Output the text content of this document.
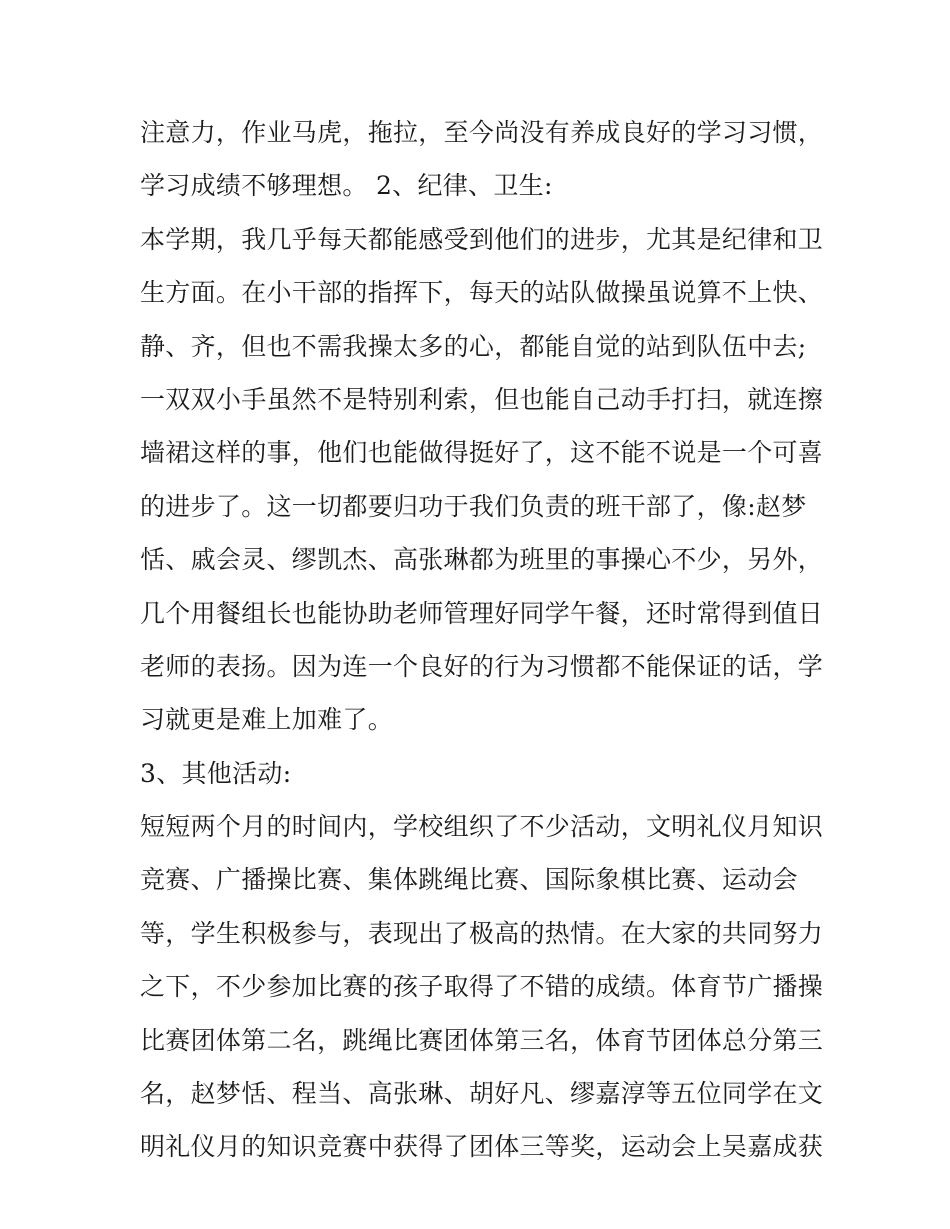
注意力，作业马虎，拖拉，至今尚没有养成良好的学习习惯，
学习成绩不够理想。 2、纪律、卫生:
本学期，我几乎每天都能感受到他们的进步，尤其是纪律和卫
生方面。在小干部的指挥下，每天的站队做操虽说算不上快、
静、齐，但也不需我操太多的心，都能自觉的站到队伍中去;
一双双小手虽然不是特别利索，但也能自己动手打扫，就连擦
墙裙这样的事，他们也能做得挺好了，这不能不说是一个可喜
的进步了。这一切都要归功于我们负责的班干部了，像:赵梦
恬、戚会灵、缪凯杰、高张琳都为班里的事操心不少，另外，
几个用餐组长也能协助老师管理好同学午餐，还时常得到值日
老师的表扬。因为连一个良好的行为习惯都不能保证的话，学
习就更是难上加难了。
3、其他活动:
短短两个月的时间内，学校组织了不少活动，文明礼仪月知识
竞赛、广播操比赛、集体跳绳比赛、国际象棋比赛、运动会
等，学生积极参与，表现出了极高的热情。在大家的共同努力
之下，不少参加比赛的孩子取得了不错的成绩。体育节广播操
比赛团体第二名，跳绳比赛团体第三名，体育节团体总分第三
名，赵梦恬、程当、高张琳、胡好凡、缪嘉淳等五位同学在文
明礼仪月的知识竞赛中获得了团体三等奖，运动会上吴嘉成获
